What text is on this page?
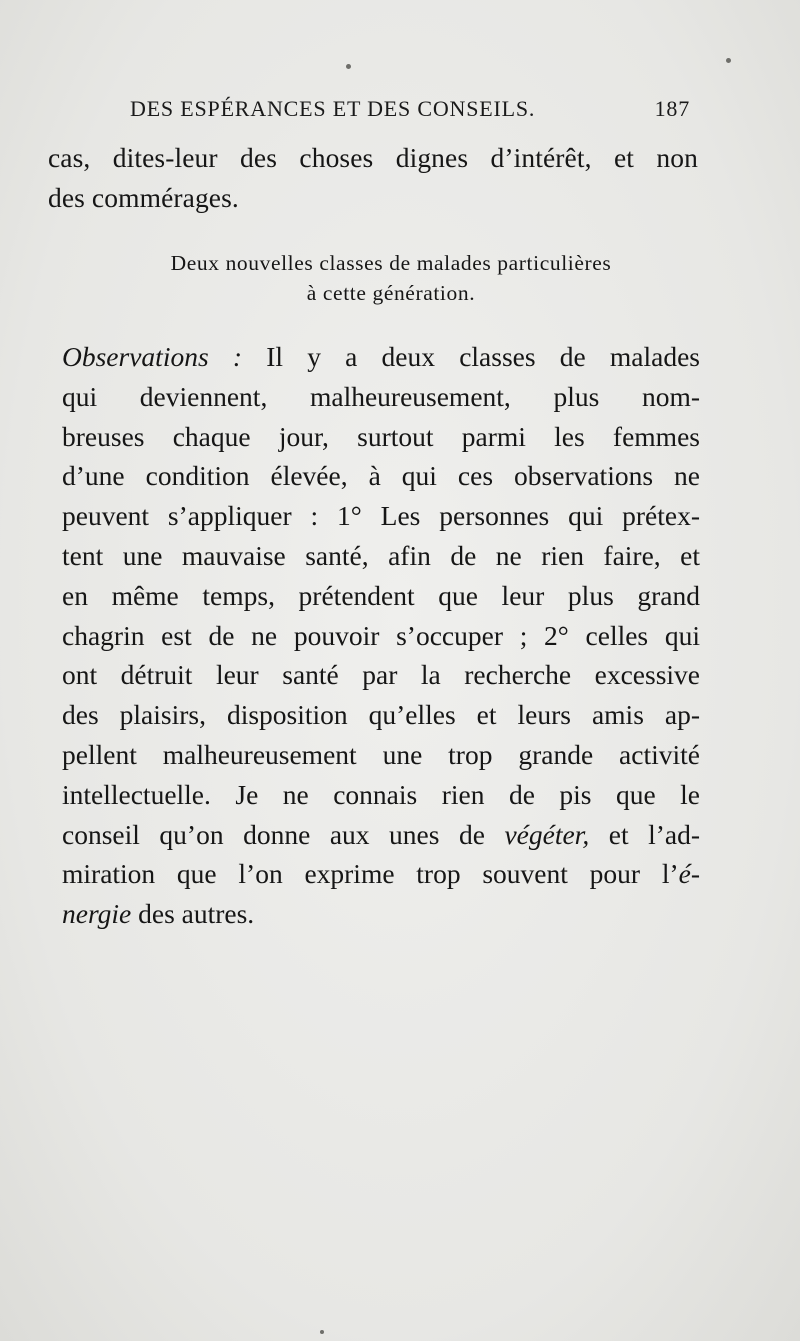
DES ESPÉRANCES ET DES CONSEILS.	187
cas, dites-leur des choses dignes d’intérêt, et non
des commérages.
Deux nouvelles classes de malades particulières
à cette génération.
Observations : Il y a deux classes de malades
qui deviennent, malheureusement, plus nom-
breuses chaque jour, surtout parmi les femmes
d’une condition élevée, à qui ces observations ne
peuvent s’appliquer : 1° Les personnes qui prétex-
tent une mauvaise santé, afin de ne rien faire, et
en même temps, prétendent que leur plus grand
chagrin est de ne pouvoir s’occuper ; 2° celles qui
ont détruit leur santé par la recherche excessive
des plaisirs, disposition qu’elles et leurs amis ap-
pellent malheureusement une trop grande activité
intellectuelle. Je ne connais rien de pis que le
conseil qu’on donne aux unes de végéter, et l’ad-
miration que l’on exprime trop souvent pour l’é-
nergie des autres.
